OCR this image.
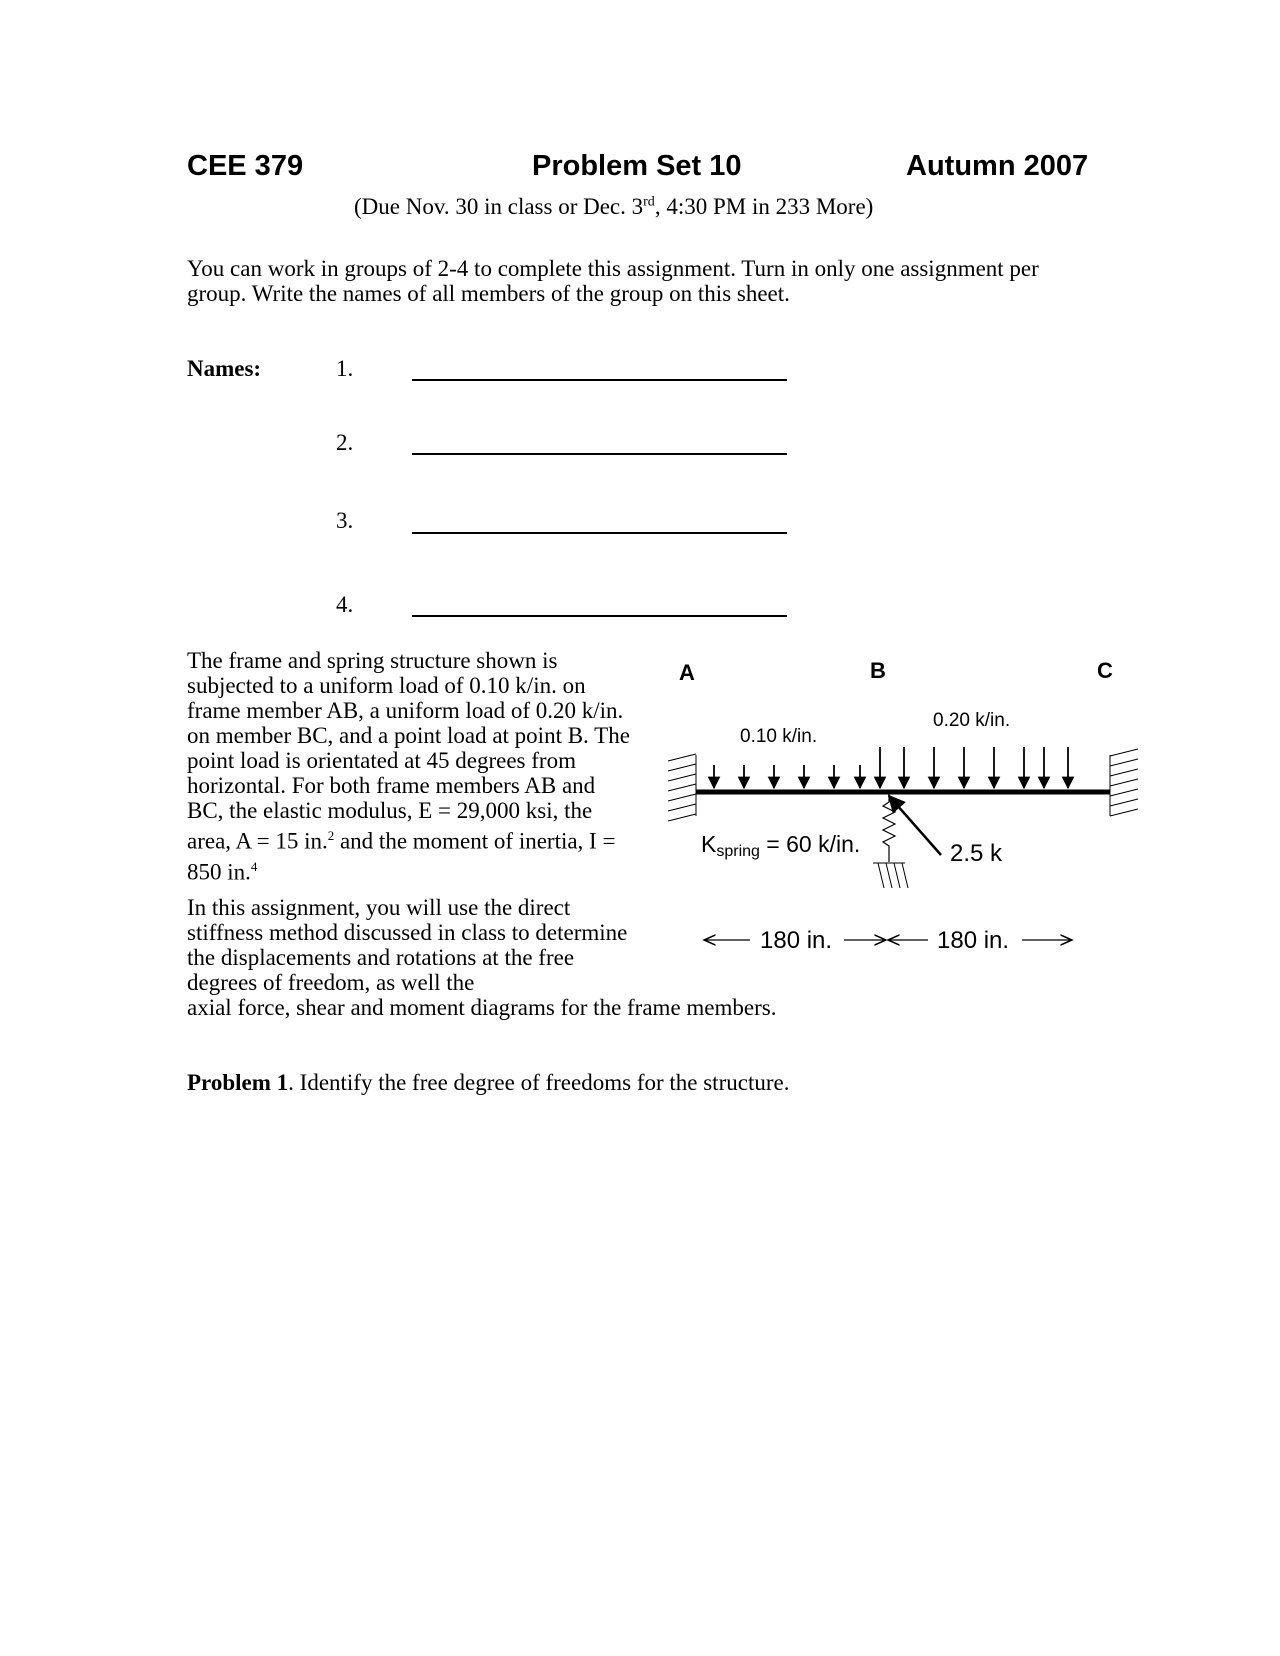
CEE 379	Problem Set 10	Autumn 2007
(Due Nov. 30 in class or Dec. 3rd, 4:30 PM in 233 More)
You can work in groups of 2-4 to complete this assignment. Turn in only one assignment per group. Write the names of all members of the group on this sheet.
Names:	1.
2.
3.
4.
The frame and spring structure shown is subjected to a uniform load of 0.10 k/in. on frame member AB, a uniform load of 0.20 k/in. on member BC, and a point load at point B. The point load is orientated at 45 degrees from horizontal. For both frame members AB and BC, the elastic modulus, E = 29,000 ksi, the area, A = 15 in.$^2$ and the moment of inertia, I = 850 in.$^4$
In this assignment, you will use the direct stiffness method discussed in class to determine the displacements and rotations at the free degrees of freedom, as well the
axial force, shear and moment diagrams for the frame members.
Problem 1. Identify the free degree of freedoms for the structure.
A	B	C
0.10 k/in.
0.20 k/in.
2.5 k
Kspring = 60 k/in.
180 in.	180 in.
